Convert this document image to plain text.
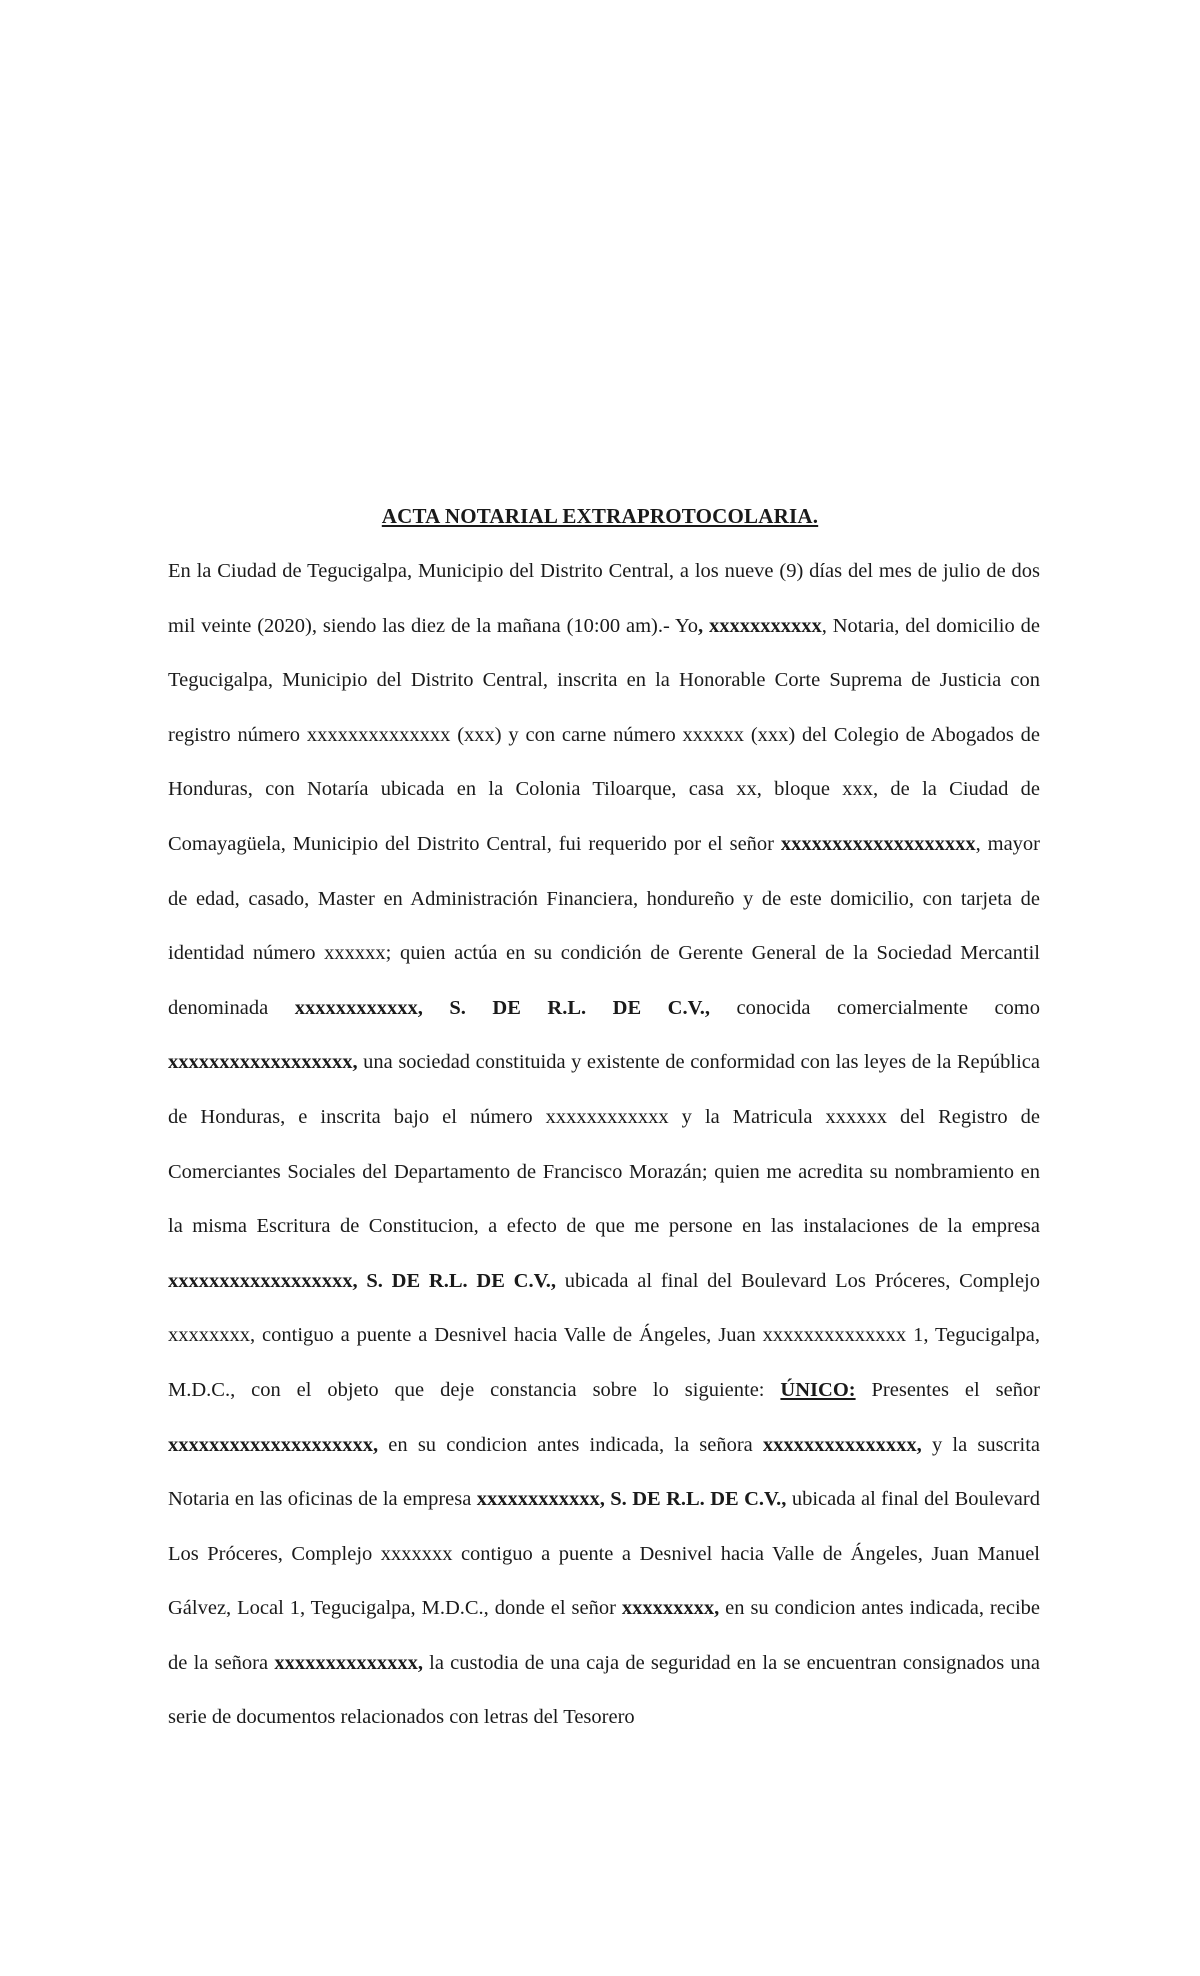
ACTA NOTARIAL EXTRAPROTOCOLARIA.

En la Ciudad de Tegucigalpa, Municipio del Distrito Central, a los nueve (9) días del mes de julio de dos mil veinte (2020), siendo las diez de la mañana (10:00 am).- Yo, xxxxxxxxxxx, Notaria, del domicilio de Tegucigalpa, Municipio del Distrito Central, inscrita en la Honorable Corte Suprema de Justicia con registro número xxxxxxxxxxxxxx (xxx) y con carne número xxxxxx (xxx) del Colegio de Abogados de Honduras, con Notaría ubicada en la Colonia Tiloarque, casa xx, bloque xxx, de la Ciudad de Comayagüela, Municipio del Distrito Central, fui requerido por el señor xxxxxxxxxxxxxxxxxxx, mayor de edad, casado, Master en Administración Financiera, hondureño y de este domicilio, con tarjeta de identidad número xxxxxx; quien actúa en su condición de Gerente General de la Sociedad Mercantil denominada xxxxxxxxxxxx, S. DE R.L. DE C.V., conocida comercialmente como xxxxxxxxxxxxxxxxxx, una sociedad constituida y existente de conformidad con las leyes de la República de Honduras, e inscrita bajo el número xxxxxxxxxxxx y la Matricula xxxxxx del Registro de Comerciantes Sociales del Departamento de Francisco Morazán; quien me acredita su nombramiento en la misma Escritura de Constitucion, a efecto de que me persone en las instalaciones de la empresa xxxxxxxxxxxxxxxxxx, S. DE R.L. DE C.V., ubicada al final del Boulevard Los Próceres, Complejo xxxxxxxx, contiguo a puente a Desnivel hacia Valle de Ángeles, Juan xxxxxxxxxxxxxx 1, Tegucigalpa, M.D.C., con el objeto que deje constancia sobre lo siguiente: ÚNICO: Presentes el señor xxxxxxxxxxxxxxxxxxxx, en su condicion antes indicada, la señora xxxxxxxxxxxxxxx, y la suscrita Notaria en las oficinas de la empresa xxxxxxxxxxxx, S. DE R.L. DE C.V., ubicada al final del Boulevard Los Próceres, Complejo xxxxxxx contiguo a puente a Desnivel hacia Valle de Ángeles, Juan Manuel Gálvez, Local 1, Tegucigalpa, M.D.C., donde el señor xxxxxxxxx, en su condicion antes indicada, recibe de la señora xxxxxxxxxxxxxx, la custodia de una caja de seguridad en la se encuentran consignados una serie de documentos relacionados con letras del Tesorero
